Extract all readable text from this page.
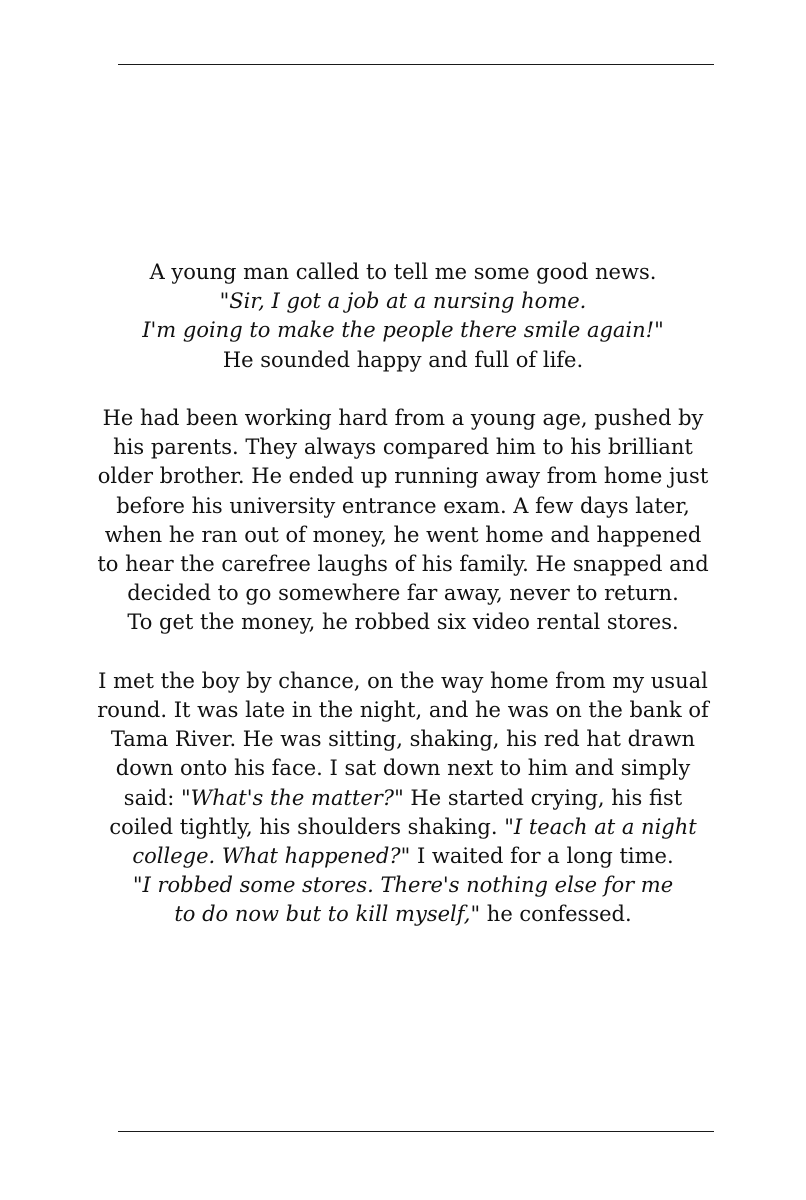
A young man called to tell me some good news.
"Sir, I got a job at a nursing home.
I'm going to make the people there smile again!"
He sounded happy and full of life.

He had been working hard from a young age, pushed by
his parents. They always compared him to his brilliant
older brother. He ended up running away from home just
before his university entrance exam. A few days later,
when he ran out of money, he went home and happened
to hear the carefree laughs of his family. He snapped and
decided to go somewhere far away, never to return.
To get the money, he robbed six video rental stores.

I met the boy by chance, on the way home from my usual
round. It was late in the night, and he was on the bank of
Tama River. He was sitting, shaking, his red hat drawn
down onto his face. I sat down next to him and simply
said: "What's the matter?" He started crying, his fist
coiled tightly, his shoulders shaking. "I teach at a night
college. What happened?" I waited for a long time.
"I robbed some stores. There's nothing else for me
to do now but to kill myself," he confessed.
